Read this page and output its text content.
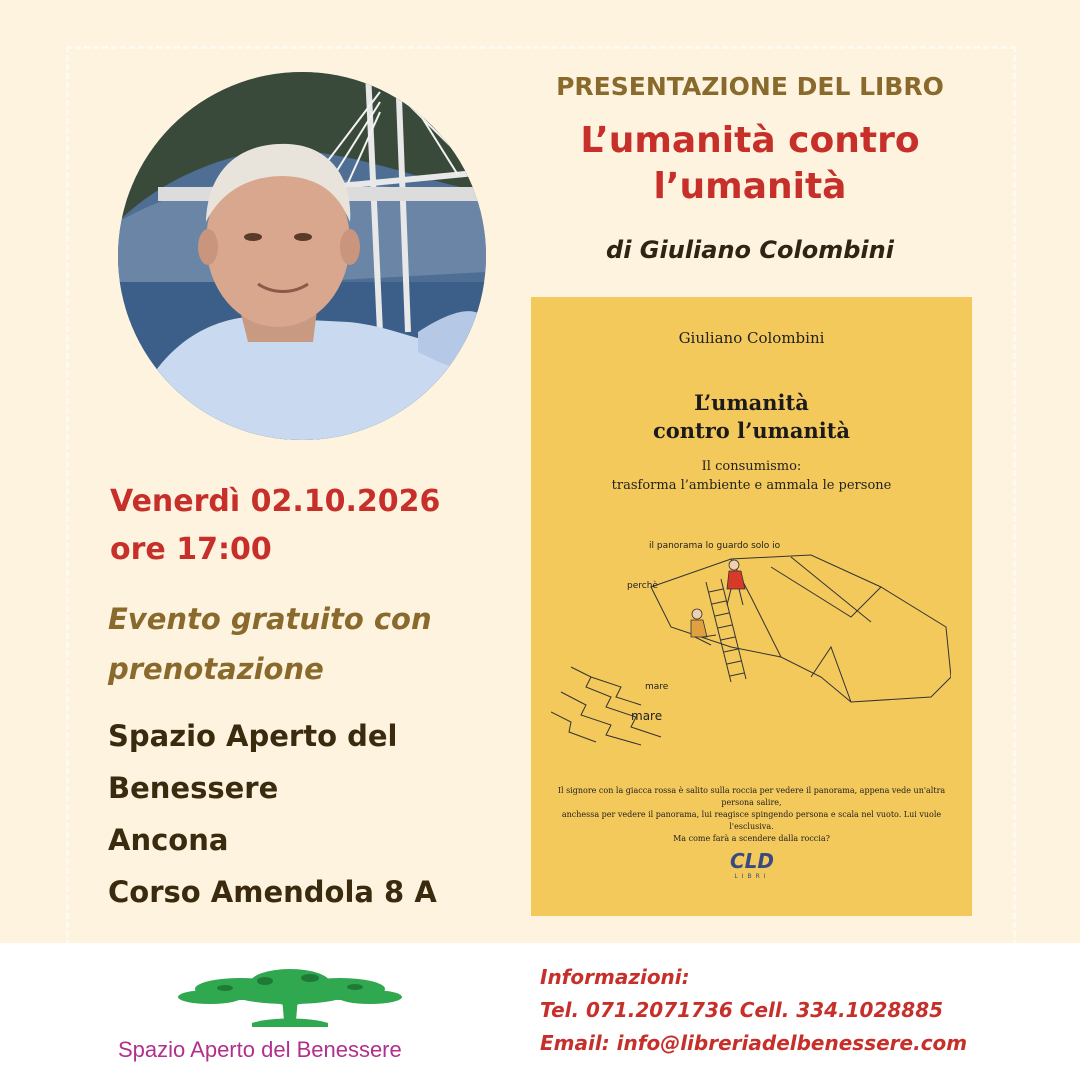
PRESENTAZIONE DEL LIBRO
L’umanità contro
l’umanità
di Giuliano Colombini
Venerdì 02.10.2026
ore 17:00
Evento gratuito con
prenotazione
Spazio Aperto del
Benessere
Ancona
Corso Amendola 8 A
Giuliano Colombini
L’umanità
contro l’umanità
Il consumismo:
trasforma l’ambiente e ammala le persone
il panorama lo guardo solo io
perchè
mare
mare
Il signore con la giacca rossa è salito sulla roccia per vedere il panorama, appena vede un'altra persona salire,
anchessa per vedere il panorama, lui reagisce spingendo persona e scala nel vuoto. Lui vuole l'esclusiva.
Ma come farà a scendere dalla roccia?
CLD
LIBRI
Spazio Aperto del Benessere
Informazioni:
Tel. 071.2071736 Cell. 334.1028885
Email: info@libreriadelbenessere.com
